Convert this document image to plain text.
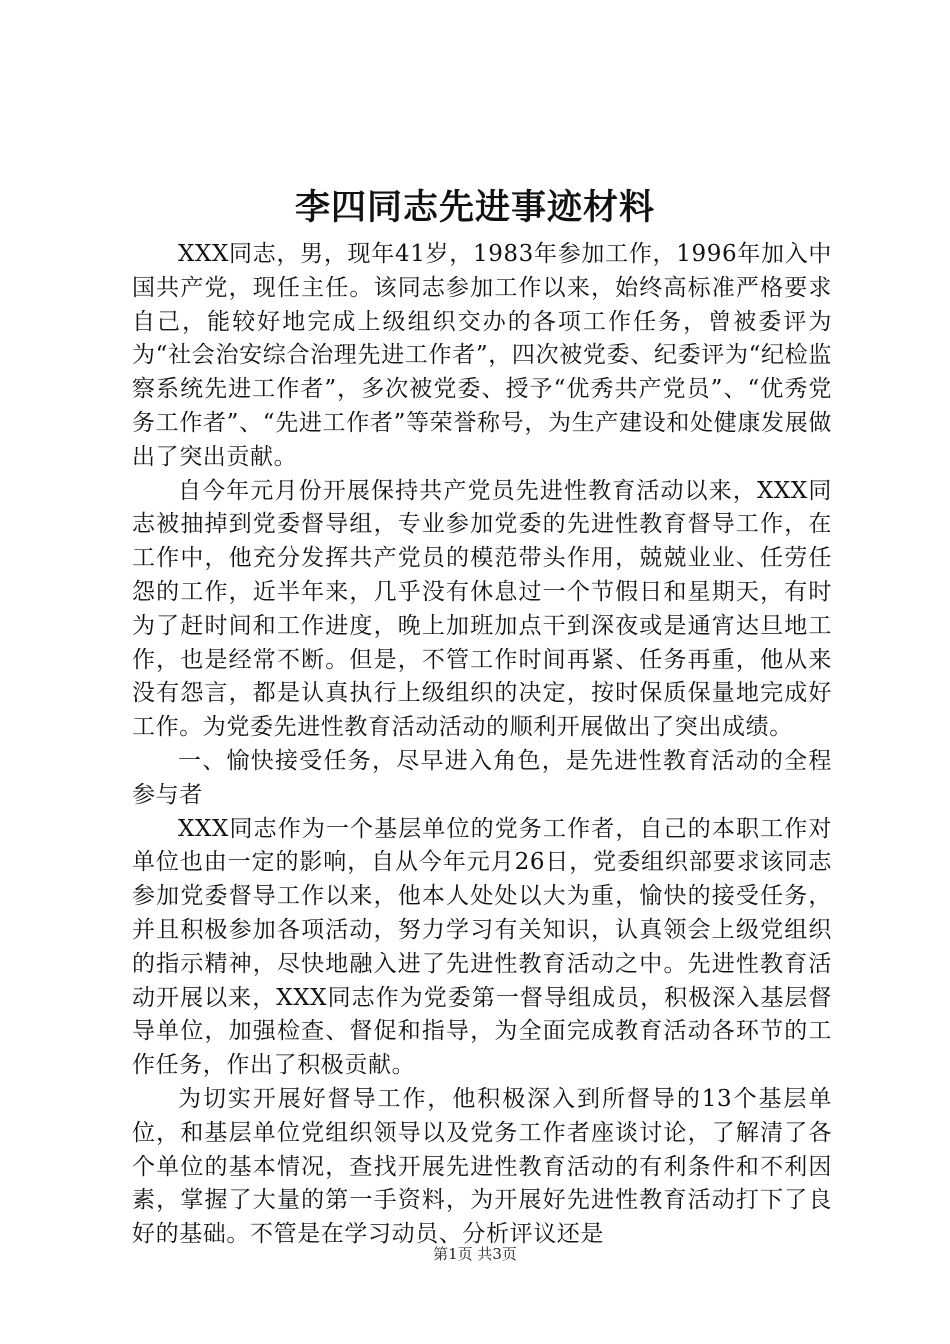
李四同志先进事迹材料

XXX同志，男，现年41岁，1983年参加工作，1996年加入中国共产党，现任主任。该同志参加工作以来，始终高标准严格要求自己，能较好地完成上级组织交办的各项工作任务，曾被委评为为“社会治安综合治理先进工作者”，四次被党委、纪委评为“纪检监察系统先进工作者”，多次被党委、授予“优秀共产党员”、“优秀党务工作者”、“先进工作者”等荣誉称号，为生产建设和处健康发展做出了突出贡献。

自今年元月份开展保持共产党员先进性教育活动以来，XXX同志被抽掉到党委督导组，专业参加党委的先进性教育督导工作，在工作中，他充分发挥共产党员的模范带头作用，兢兢业业、任劳任怨的工作，近半年来，几乎没有休息过一个节假日和星期天，有时为了赶时间和工作进度，晚上加班加点干到深夜或是通宵达旦地工作，也是经常不断。但是，不管工作时间再紧、任务再重，他从来没有怨言，都是认真执行上级组织的决定，按时保质保量地完成好工作。为党委先进性教育活动活动的顺利开展做出了突出成绩。

一、愉快接受任务，尽早进入角色，是先进性教育活动的全程参与者

XXX同志作为一个基层单位的党务工作者，自己的本职工作对单位也由一定的影响，自从今年元月26日，党委组织部要求该同志参加党委督导工作以来，他本人处处以大为重，愉快的接受任务，并且积极参加各项活动，努力学习有关知识，认真领会上级党组织的指示精神，尽快地融入进了先进性教育活动之中。先进性教育活动开展以来，XXX同志作为党委第一督导组成员，积极深入基层督导单位，加强检查、督促和指导，为全面完成教育活动各环节的工作任务，作出了积极贡献。

为切实开展好督导工作，他积极深入到所督导的13个基层单位，和基层单位党组织领导以及党务工作者座谈讨论，了解清了各个单位的基本情况，查找开展先进性教育活动的有利条件和不利因素，掌握了大量的第一手资料，为开展好先进性教育活动打下了良好的基础。不管是在学习动员、分析评议还是

第1页 共3页
